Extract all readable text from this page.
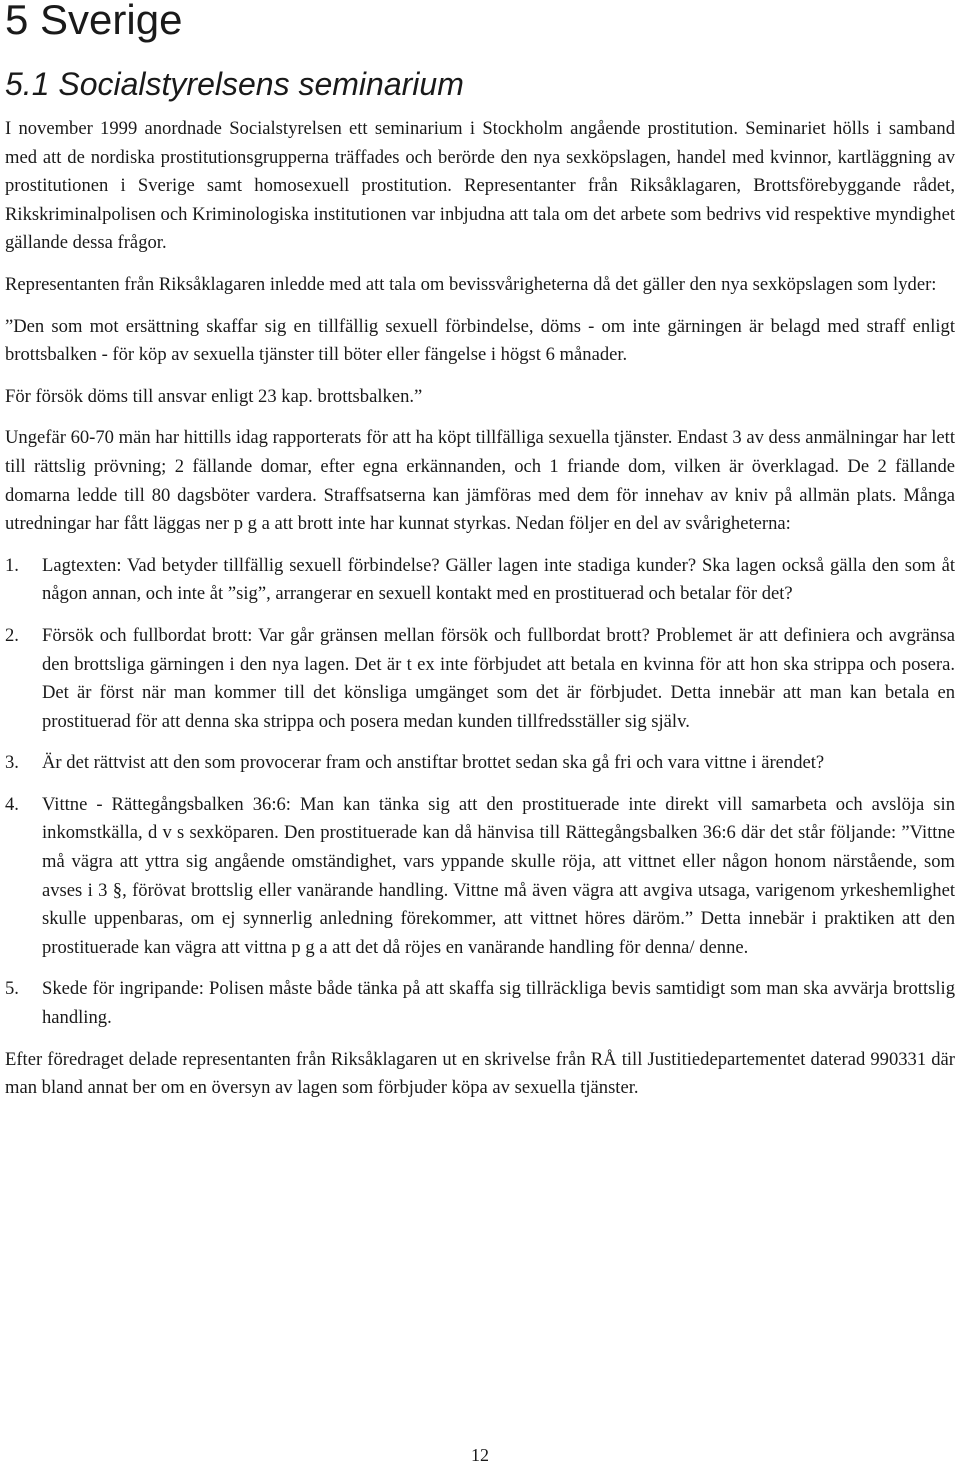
5 Sverige
5.1 Socialstyrelsens seminarium

I november 1999 anordnade Socialstyrelsen ett seminarium i Stockholm angående prostitution. Seminariet hölls i samband med att de nordiska prostitutionsgrupperna träffades och berörde den nya sexköpslagen, handel med kvinnor, kartläggning av prostitutionen i Sverige samt homosexuell prostitution. Representanter från Riksåklagaren, Brottsförebyggande rådet, Rikskriminalpolisen och Kriminologiska institutionen var inbjudna att tala om det arbete som bedrivs vid respektive myndighet gällande dessa frågor.

Representanten från Riksåklagaren inledde med att tala om bevissvårigheterna då det gäller den nya sexköpslagen som lyder:

”Den som mot ersättning skaffar sig en tillfällig sexuell förbindelse, döms - om inte gärningen är belagd med straff enligt brottsbalken - för köp av sexuella tjänster till böter eller fängelse i högst 6 månader.

För försök döms till ansvar enligt 23 kap. brottsbalken.”

Ungefär 60-70 män har hittills idag rapporterats för att ha köpt tillfälliga sexuella tjänster. Endast 3 av dess anmälningar har lett till rättslig prövning; 2 fällande domar, efter egna erkännanden, och 1 friande dom, vilken är överklagad. De 2 fällande domarna ledde till 80 dagsböter vardera. Straffsatserna kan jämföras med dem för innehav av kniv på allmän plats. Många utredningar har fått läggas ner p g a att brott inte har kunnat styrkas. Nedan följer en del av svårigheterna:

1. Lagtexten: Vad betyder tillfällig sexuell förbindelse? Gäller lagen inte stadiga kunder? Ska lagen också gälla den som åt någon annan, och inte åt ”sig”, arrangerar en sexuell kontakt med en prostituerad och betalar för det?
2. Försök och fullbordat brott: Var går gränsen mellan försök och fullbordat brott? Problemet är att definiera och avgränsa den brottsliga gärningen i den nya lagen. Det är t ex inte förbjudet att betala en kvinna för att hon ska strippa och posera. Det är först när man kommer till det könsliga umgänget som det är förbjudet. Detta innebär att man kan betala en prostituerad för att denna ska strippa och posera medan kunden tillfredsställer sig själv.
3. Är det rättvist att den som provocerar fram och anstiftar brottet sedan ska gå fri och vara vittne i ärendet?
4. Vittne - Rättegångsbalken 36:6: Man kan tänka sig att den prostituerade inte direkt vill samarbeta och avslöja sin inkomstkälla, d v s sexköparen. Den prostituerade kan då hänvisa till Rättegångsbalken 36:6 där det står följande: ”Vittne må vägra att yttra sig angående omständighet, vars yppande skulle röja, att vittnet eller någon honom närstående, som avses i 3 §, förövat brottslig eller vanärande handling. Vittne må även vägra att avgiva utsaga, varigenom yrkeshemlighet skulle uppenbaras, om ej synnerlig anledning förekommer, att vittnet höres däröm.” Detta innebär i praktiken att den prostituerade kan vägra att vittna p g a att det då röjes en vanärande handling för denna/ denne.
5. Skede för ingripande: Polisen måste både tänka på att skaffa sig tillräckliga bevis samtidigt som man ska avvärja brottslig handling.

Efter föredraget delade representanten från Riksåklagaren ut en skrivelse från RÅ till Justitiedepartementet daterad 990331 där man bland annat ber om en översyn av lagen som förbjuder köpa av sexuella tjänster.

12
